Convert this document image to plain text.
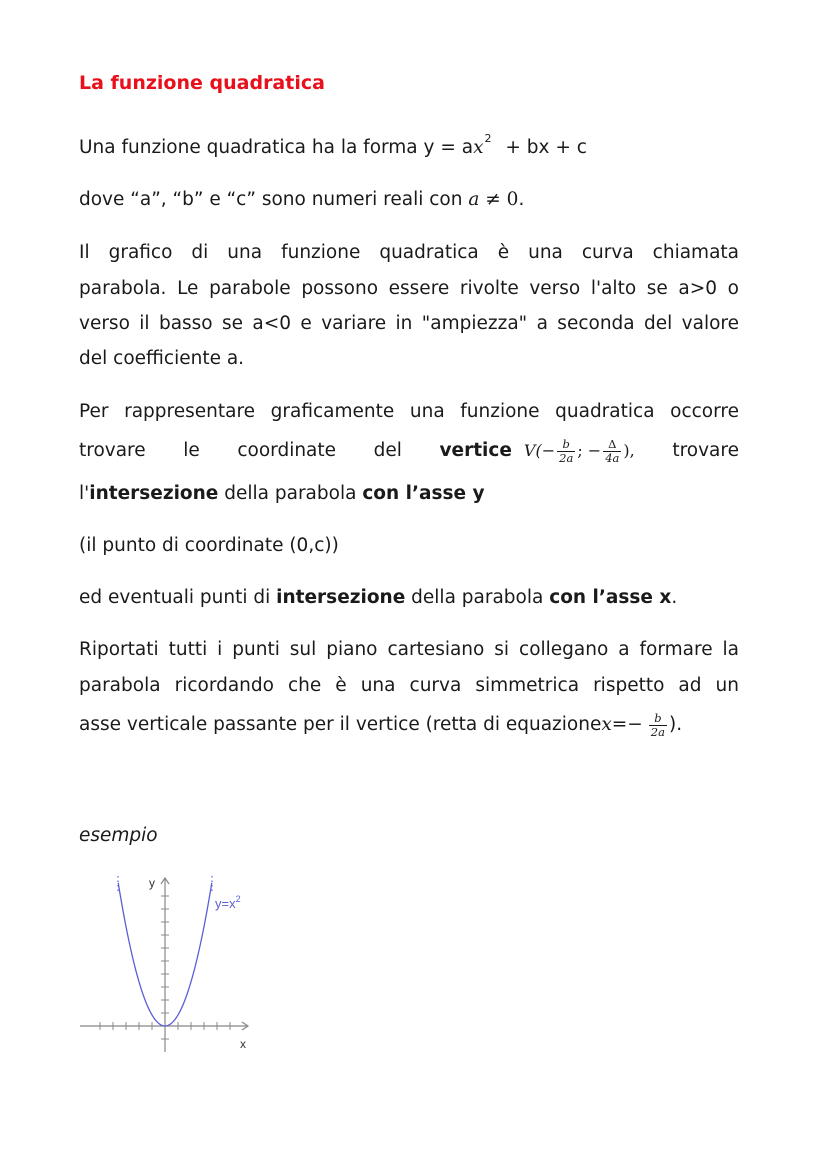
La funzione quadratica
Una funzione quadratica ha la forma $y = ax^2$ + bx + c
dove “a”, “b” e “c” sono numeri reali con a ≠ 0.
Il grafico di una funzione quadratica è una curva chiamata
parabola. Le parabole possono essere rivolte verso l'alto se a>0 o
verso il basso se a<0 e variare in "ampiezza" a seconda del valore
del coefficiente a.
Per rappresentare graficamente una funzione quadratica occorre
trovare le coordinate del vertice $V(- \frac{b}{2a}$ ; − $\frac{\Delta}{4a}$ ), trovare
l'intersezione della parabola con l’asse y
(il punto di coordinate (0,c))
ed eventuali punti di intersezione della parabola con l’asse x.
Riportati tutti i punti sul piano cartesiano si collegano a formare la
parabola ricordando che è una curva simmetrica rispetto ad un
asse verticale passante per il vertice (retta di equazione $x =- \frac{b}{2a}$ ).
esempio
y
x
$y=x^2$
